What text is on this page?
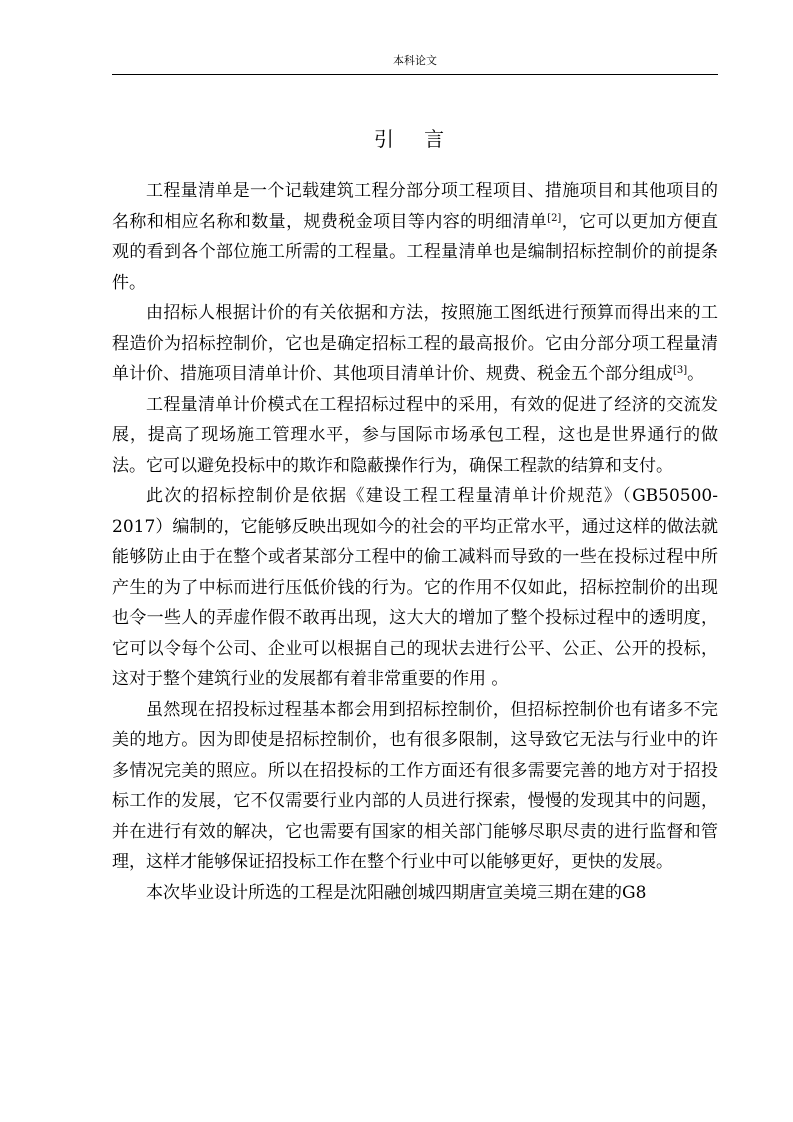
本科论文
引 言

工程量清单是一个记载建筑工程分部分项工程项目、措施项目和其他项目的名称和相应名称和数量，规费税金项目等内容的明细清单[2]，它可以更加方便直观的看到各个部位施工所需的工程量。工程量清单也是编制招标控制价的前提条件。

由招标人根据计价的有关依据和方法，按照施工图纸进行预算而得出来的工程造价为招标控制价，它也是确定招标工程的最高报价。它由分部分项工程量清单计价、措施项目清单计价、其他项目清单计价、规费、税金五个部分组成[3]。

工程量清单计价模式在工程招标过程中的采用，有效的促进了经济的交流发展，提高了现场施工管理水平，参与国际市场承包工程，这也是世界通行的做法。它可以避免投标中的欺诈和隐蔽操作行为，确保工程款的结算和支付。

此次的招标控制价是依据《建设工程工程量清单计价规范》（GB50500-2017）编制的，它能够反映出现如今的社会的平均正常水平，通过这样的做法就能够防止由于在整个或者某部分工程中的偷工减料而导致的一些在投标过程中所产生的为了中标而进行压低价钱的行为。它的作用不仅如此，招标控制价的出现也令一些人的弄虚作假不敢再出现，这大大的增加了整个投标过程中的透明度，它可以令每个公司、企业可以根据自己的现状去进行公平、公正、公开的投标，这对于整个建筑行业的发展都有着非常重要的作用 。

虽然现在招投标过程基本都会用到招标控制价，但招标控制价也有诸多不完美的地方。因为即使是招标控制价，也有很多限制，这导致它无法与行业中的许多情况完美的照应。所以在招投标的工作方面还有很多需要完善的地方对于招投标工作的发展，它不仅需要行业内部的人员进行探索，慢慢的发现其中的问题，并在进行有效的解决，它也需要有国家的相关部门能够尽职尽责的进行监督和管理，这样才能够保证招投标工作在整个行业中可以能够更好，更快的发展。

本次毕业设计所选的工程是沈阳融创城四期唐宣美境三期在建的G8
